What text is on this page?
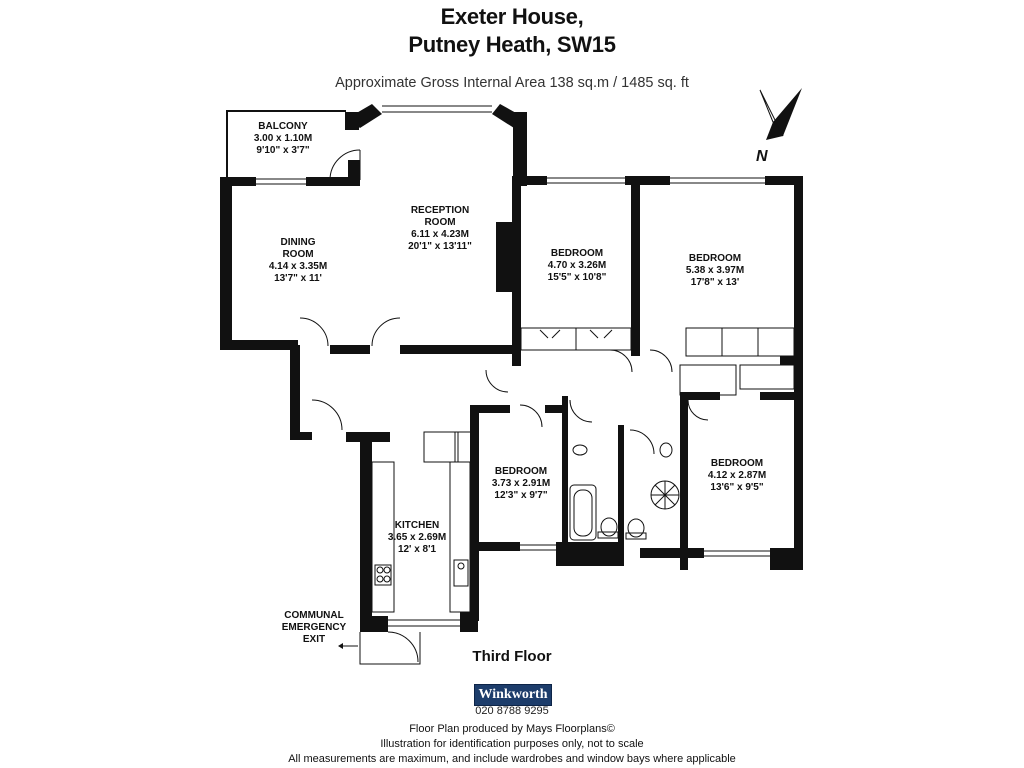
Exeter House,
Putney Heath, SW15
Approximate Gross Internal Area 138 sq.m / 1485 sq. ft
N
BALCONY
3.00 x 1.10M
9'10" x 3'7"
DINING
ROOM
4.14 x 3.35M
13'7" x 11'
RECEPTION
ROOM
6.11 x 4.23M
20'1" x 13'11"
BEDROOM
4.70 x 3.26M
15'5" x 10'8"
BEDROOM
5.38 x 3.97M
17'8" x 13'
BEDROOM
3.73 x 2.91M
12'3" x 9'7"
BEDROOM
4.12 x 2.87M
13'6" x 9'5"
KITCHEN
3.65 x 2.69M
12' x 8'1
COMMUNAL
EMERGENCY
EXIT
Third Floor
Winkworth
020 8788 9295
Floor Plan produced by Mays Floorplans©
Illustration for identification purposes only, not to scale
All measurements are maximum, and include wardrobes and window bays where applicable
